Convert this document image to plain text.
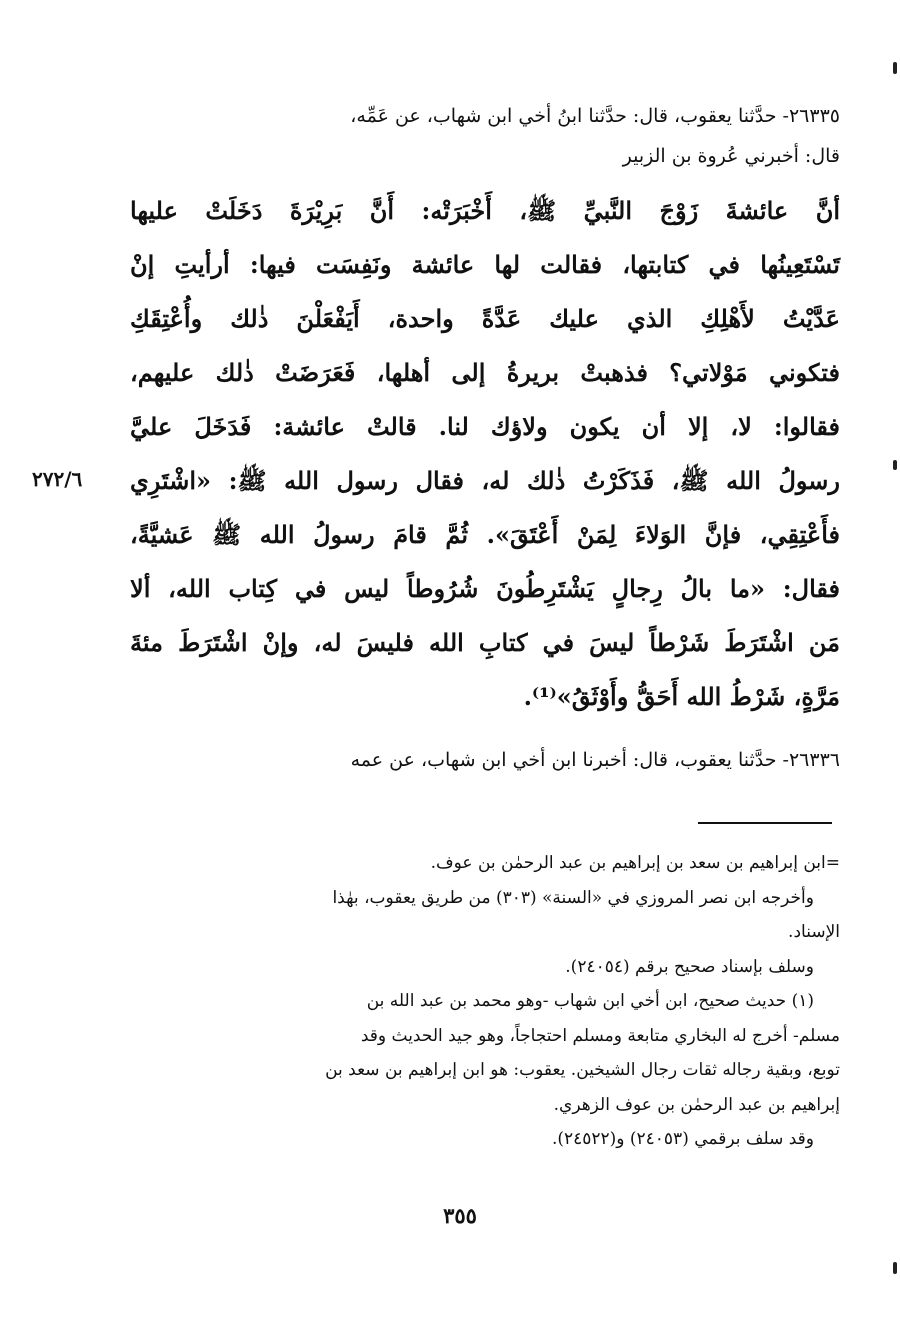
٢٦٣٣٥- حدَّثنا يعقوب، قال: حدَّثنا ابنُ أخي ابن شهاب، عن عَمِّه،
قال: أخبرني عُروة بن الزبير
أنَّ عائشةَ زَوْجَ النَّبيِّ ﷺ، أَخْبَرَتْه: أَنَّ بَرِيْرَةَ دَخَلَتْ عليها
تَسْتَعِينُها في كتابتها، فقالت لها عائشة ونَفِسَت فيها: أرأيتِ إنْ
عَدَّيْتُ لأَهْلِكِ الذي عليك عَدَّةً واحدة، أَيَفْعَلْنَ ذٰلك وأُعْتِقَكِ
فتكوني مَوْلاتي؟ فذهبتْ بريرةُ إلى أهلها، فَعَرَضَتْ ذٰلك عليهم،
فقالوا: لا، إلا أن يكون ولاؤك لنا. قالتْ عائشة: فَدَخَلَ عليَّ
رسولُ الله ﷺ، فَذَكَرْتُ ذٰلك له، فقال رسول الله ﷺ: «اشْتَرِي
فأَعْتِقِي، فإنَّ الوَلاءَ لِمَنْ أَعْتَقَ». ثُمَّ قامَ رسولُ الله ﷺ عَشيَّةً،
فقال: «ما بالُ رِجالٍ يَشْتَرِطُونَ شُرُوطاً ليس في كِتاب الله، ألا
مَن اشْتَرَطَ شَرْطاً ليسَ في كتابِ الله فليسَ له، وإنْ اشْتَرَطَ مئةَ
مَرَّةٍ، شَرْطُ الله أَحَقُّ وأَوْثَقُ»⁽¹⁾.
٢٧٢/٦
٢٦٣٣٦- حدَّثنا يعقوب، قال: أخبرنا ابن أخي ابن شهاب، عن عمه
=ابن إبراهيم بن سعد بن إبراهيم بن عبد الرحمٰن بن عوف.
وأخرجه ابن نصر المروزي في «السنة» (٣٠٣) من طريق يعقوب، بهٰذا
الإسناد.
وسلف بإسناد صحيح برقم (٢٤٠٥٤).
(١) حديث صحيح، ابن أخي ابن شهاب -وهو محمد بن عبد الله بن
مسلم- أخرج له البخاري متابعة ومسلم احتجاجاً، وهو جيد الحديث وقد
توبع، وبقية رجاله ثقات رجال الشيخين. يعقوب: هو ابن إبراهيم بن سعد بن
إبراهيم بن عبد الرحمٰن بن عوف الزهري.
وقد سلف برقمي (٢٤٠٥٣) و(٢٤٥٢٢).
٣٥٥
